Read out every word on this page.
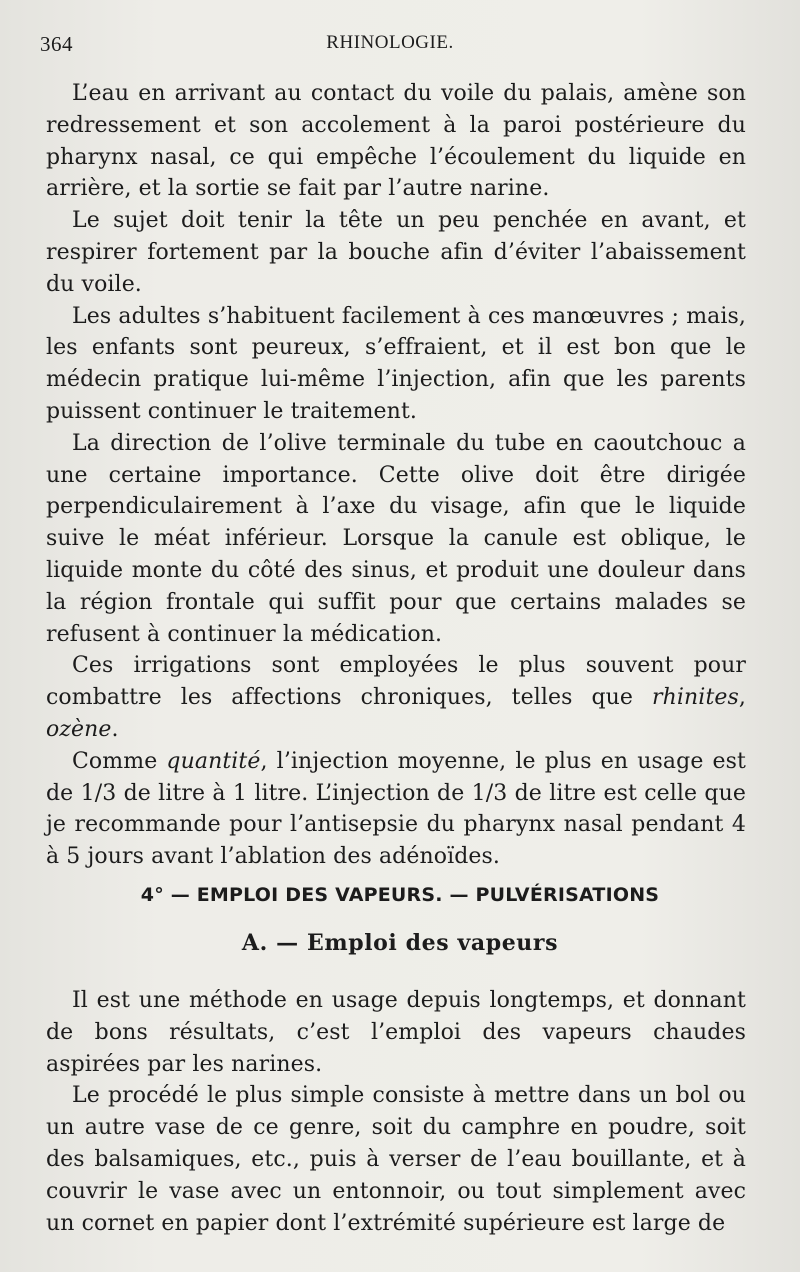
364	RHINOLOGIE.

L’eau en arrivant au contact du voile du palais, amène son redressement et son accolement à la paroi postérieure du pharynx nasal, ce qui empêche l’écoulement du liquide en arrière, et la sortie se fait par l’autre narine.

Le sujet doit tenir la tête un peu penchée en avant, et respirer fortement par la bouche afin d’éviter l’abaissement du voile.

Les adultes s’habituent facilement à ces manœuvres ; mais, les enfants sont peureux, s’effraient, et il est bon que le médecin pratique lui-même l’injection, afin que les parents puissent continuer le traitement.

La direction de l’olive terminale du tube en caoutchouc a une certaine importance. Cette olive doit être dirigée perpendiculairement à l’axe du visage, afin que le liquide suive le méat inférieur. Lorsque la canule est oblique, le liquide monte du côté des sinus, et produit une douleur dans la région frontale qui suffit pour que certains malades se refusent à continuer la médication.

Ces irrigations sont employées le plus souvent pour combattre les affections chroniques, telles que rhinites, ozène.

Comme quantité, l’injection moyenne, le plus en usage est de 1/3 de litre à 1 litre. L’injection de 1/3 de litre est celle que je recommande pour l’antisepsie du pharynx nasal pendant 4 à 5 jours avant l’ablation des adénoïdes.

4° — EMPLOI DES VAPEURS. — PULVÉRISATIONS
A. — Emploi des vapeurs

Il est une méthode en usage depuis longtemps, et donnant de bons résultats, c’est l’emploi des vapeurs chaudes aspirées par les narines.

Le procédé le plus simple consiste à mettre dans un bol ou un autre vase de ce genre, soit du camphre en poudre, soit des balsamiques, etc., puis à verser de l’eau bouillante, et à couvrir le vase avec un entonnoir, ou tout simplement avec un cornet en papier dont l’extrémité supérieure est large de
